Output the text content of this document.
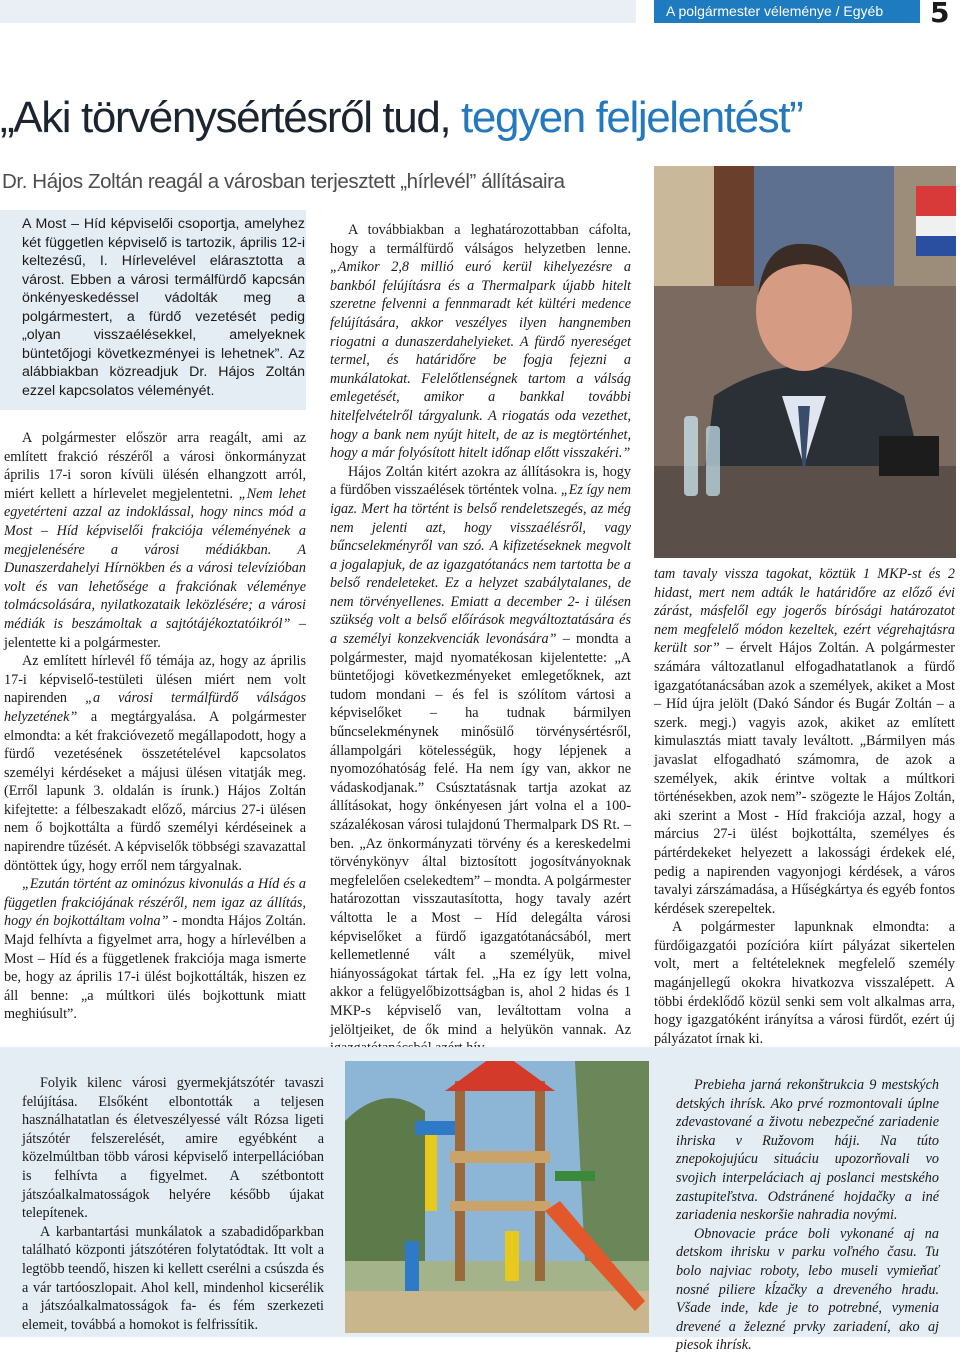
A polgármester véleménye / Egyéb	5
„Aki törvénysértésről tud, tegyen feljelentést”
Dr. Hájos Zoltán reagál a városban terjesztett „hírlevél” állításaira
A Most – Híd képviselői csoportja, amelyhez két független képviselő is tartozik, április 12-i keltezésű, I. Hírlevelével elárasztotta a várost. Ebben a városi termálfürdő kapcsán önkényeskedéssel vádolták meg a polgármestert, a fürdő vezetését pedig „olyan visszaélésekkel, amelyeknek büntetőjogi következményei is lehetnek”. Az alábbiakban közreadjuk Dr. Hájos Zoltán ezzel kapcsolatos véleményét.

A polgármester először arra reagált, ami az említett frakció részéről a városi önkormányzat április 17-i soron kívüli ülésén elhangzott arról, miért kellett a hírlevelet megjelentetni. „Nem lehet egyetérteni azzal az indoklással, hogy nincs mód a Most – Híd képviselői frakciója véleményének a megjelenésére a városi médiákban. A Dunaszerdahelyi Hírnökben és a városi televízióban volt és van lehetősége a frakciónak véleménye tolmácsolására, nyilatkozataik leközlésére; a városi médiák is beszámoltak a sajtótájékoztatóikról” – jelentette ki a polgármester.

Az említett hírlevél fő témája az, hogy az április 17-i képviselő-testületi ülésen miért nem volt napirenden „a városi termálfürdő válságos helyzetének” a megtárgyalása. A polgármester elmondta: a két frakcióvezető megállapodott, hogy a fürdő vezetésének összetételével kapcsolatos személyi kérdéseket a májusi ülésen vitatják meg. (Erről lapunk 3. oldalán is írunk.) Hájos Zoltán kifejtette: a félbeszakadt előző, március 27-i ülésen nem ő bojkottálta a fürdő személyi kérdéseinek a napirendre tűzését. A képviselők többségi szavazattal döntöttek úgy, hogy erről nem tárgyalnak.

„Ezután történt az ominózus kivonulás a Híd és a független frakciójának részéről, nem igaz az állítás, hogy én bojkottáltam volna” - mondta Hájos Zoltán. Majd felhívta a figyelmet arra, hogy a hírlevélben a Most – Híd és a függetlenek frakciója maga ismerte be, hogy az április 17-i ülést bojkottálták, hiszen ez áll benne: „a múltkori ülés bojkottunk miatt meghiúsult”.

A továbbiakban a leghatározottabban cáfolta, hogy a termálfürdő válságos helyzetben lenne. „Amikor 2,8 millió euró kerül kihelyezésre a bankból felújításra és a Thermalpark újabb hitelt szeretne felvenni a fennmaradt két kültéri medence felújítására, akkor veszélyes ilyen hangnemben riogatni a dunaszerdahelyieket. A fürdő nyereséget termel, és határidőre be fogja fejezni a munkálatokat. Felelőtlenségnek tartom a válság emlegetését, amikor a bankkal további hitelfelvételről tárgyalunk. A riogatás oda vezethet, hogy a bank nem nyújt hitelt, de az is megtörténhet, hogy a már folyósított hitelt időnap előtt visszakéri.”

Hájos Zoltán kitért azokra az állításokra is, hogy a fürdőben visszaélések történtek volna. „Ez így nem igaz. Mert ha történt is belső rendeletszegés, az még nem jelenti azt, hogy visszaélésről, vagy bűncselekményről van szó. A kifizetéseknek megvolt a jogalapjuk, de az igazgatótanács nem tartotta be a belső rendeleteket. Ez a helyzet szabálytalanes, de nem törvényellenes. Emiatt a december 2- i ülésen szükség volt a belső előírások megváltoztatására és a személyi konzekvenciák levonására” – mondta a polgármester, majd nyomatékosan kijelentette: „A büntetőjogi következményeket emlegetőknek, azt tudom mondani – és fel is szólítom vártosi a képviselőket – ha tudnak bármilyen bűncselekménynek minősülő törvénysértésről, állampolgári kötelességük, hogy lépjenek a nyomozóhatóság felé. Ha nem így van, akkor ne vádaskodjanak.” Csúsztatásnak tartja azokat az állításokat, hogy önkényesen járt volna el a 100-százalékosan városi tulajdonú Thermalpark DS Rt. – ben. „Az önkormányzati törvény és a kereskedelmi törvénykönyv által biztosított jogosítványoknak megfelelően cselekedtem” – mondta. A polgármester határozottan visszautasította, hogy tavaly azért váltotta le a Most – Híd delegálta városi képviselőket a fürdő igazgatótanácsából, mert kellemetlenné vált a személyük, mivel hiányosságokat tártak fel. „Ha ez így lett volna, akkor a felügyelőbizottságban is, ahol 2 hidas és 1 MKP-s képviselő van, leváltottam volna a jelöltjeiket, de ők mind a helyükön vannak. Az

tam tavaly vissza tagokat, köztük 1 MKP-st és 2 hidast, mert nem adták le határidőre az előző évi zárást, másfelől egy jogerős bírósági határozatot nem megfelelő módon kezeltek, ezért végrehajtásra került sor” – érvelt Hájos Zoltán. A polgármester számára változatlanul elfogadhatatlanok a fürdő igazgatótanácsában azok a személyek, akiket a Most – Híd újra jelölt (Dakó Sándor és Bugár Zoltán – a szerk. megj.) vagyis azok, akiket az említett kimulasztás miatt tavaly leváltott. „Bármilyen más javaslat elfogadható számomra, de azok a személyek, akik érintve voltak a múltkori történésekben, azok nem”- szögezte le Hájos Zoltán, aki szerint a Most - Híd frakciója azzal, hogy a március 27-i ülést bojkottálta, személyes és pártérdekeket helyezett a lakossági érdekek elé, pedig a napirenden vagyonjogi kérdések, a város tavalyi zárszámadása, a Hűségkártya és egyéb fontos kérdések szerepeltek.

A polgármester lapunknak elmondta: a fürdőigazgatói pozícióra kiírt pályázat sikertelen volt, mert a feltételeknek megfelelő személy magánjellegű okokra hivatkozva visszalépett. A többi érdeklődő közül senki sem volt alkalmas arra, hogy igazgatóként irányítsa a városi fürdőt, ezért új pályázatot írnak ki.

Folyik kilenc városi gyermekjátszótér tavaszi felújítása. Elsőként elbontották a teljesen használhatatlan és életveszélyessé vált Rózsa ligeti játszótér felszerelését, amire egyébként a közelmúltban több városi képviselő interpellációban is felhívta a figyelmet. A szétbontott játszóalkalmatosságok helyére később újakat telepítenek.

A karbantartási munkálatok a szabadidőparkban található központi játszótéren folytatódtak. Itt volt a legtöbb teendő, hiszen ki kellett cserélni a csúszda és a vár tartóoszlopait. Ahol kell, mindenhol kicserélik a játszóalkalmatosságok fa- és fém szerkezeti elemeit, továbbá a homokot is felfrissítik.

Prebieha jarná rekonštrukcia 9 mestských detských ihrísk. Ako prvé rozmontovali úplne zdevastované a životu nebezpečné zariadenie ihriska v Ružovom háji. Na túto znepokojujúcu situáciu upozorňovali vo svojich interpeláciach aj poslanci mestského zastupiteľstva. Odstránené hojdačky a iné zariadenia neskoršie nahradia novými.

Obnovacie práce boli vykonané aj na detskom ihrisku v parku voľného času. Tu bolo najviac roboty, lebo museli vymieňať nosné piliere kĺzačky a dreveného hradu. Všade inde, kde je to potrebné, vymenia drevené a železné prvky zariadení, ako aj piesok ihrísk.
